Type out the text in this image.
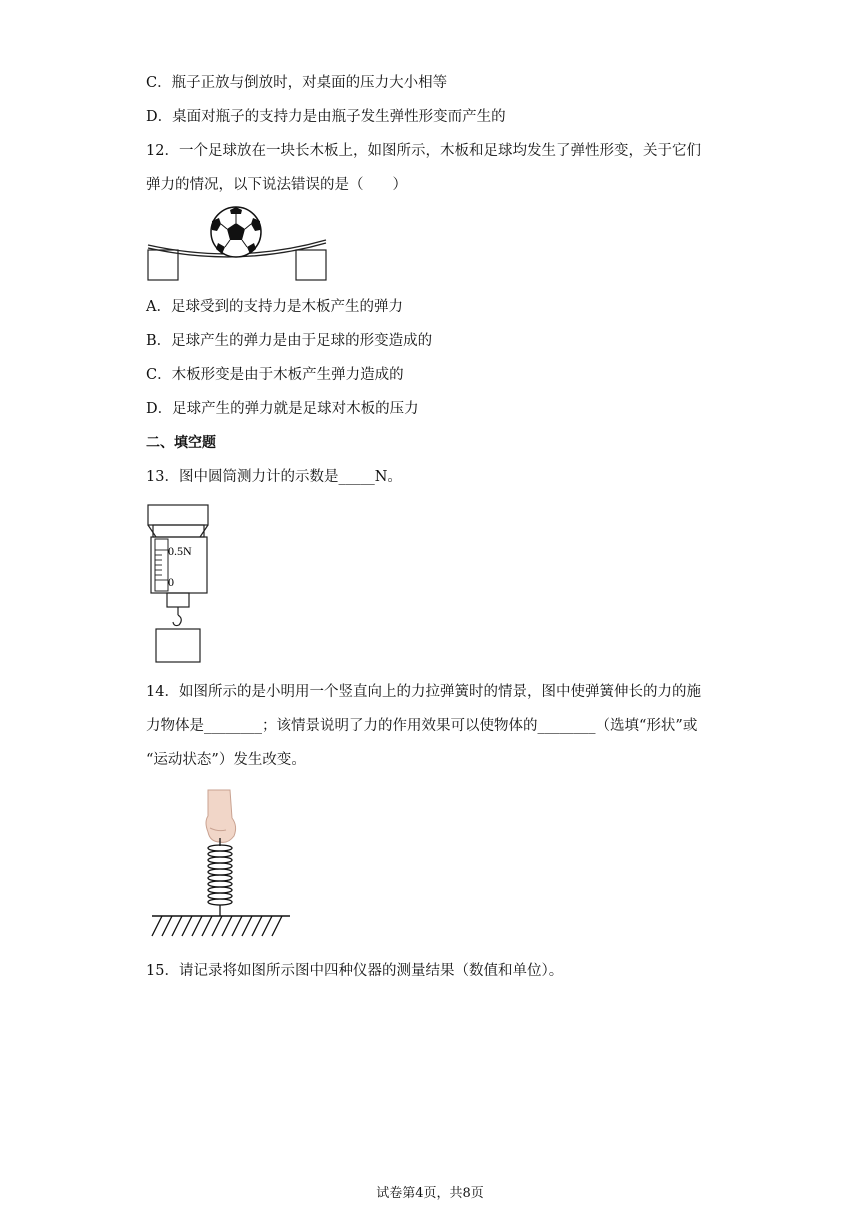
C．瓶子正放与倒放时，对桌面的压力大小相等
D．桌面对瓶子的支持力是由瓶子发生弹性形变而产生的
12．一个足球放在一块长木板上，如图所示，木板和足球均发生了弹性形变，关于它们
弹力的情况，以下说法错误的是（　　）
A．足球受到的支持力是木板产生的弹力
B．足球产生的弹力是由于足球的形变造成的
C．木板形变是由于木板产生弹力造成的
D．足球产生的弹力就是足球对木板的压力
二、填空题
13．图中圆筒测力计的示数是_____N。
0.5N
0
14．如图所示的是小明用一个竖直向上的力拉弹簧时的情景，图中使弹簧伸长的力的施
力物体是________；该情景说明了力的作用效果可以使物体的________（选填“形状”或
“运动状态”）发生改变。
15．请记录将如图所示图中四种仪器的测量结果（数值和单位）。
试卷第4页，共8页
